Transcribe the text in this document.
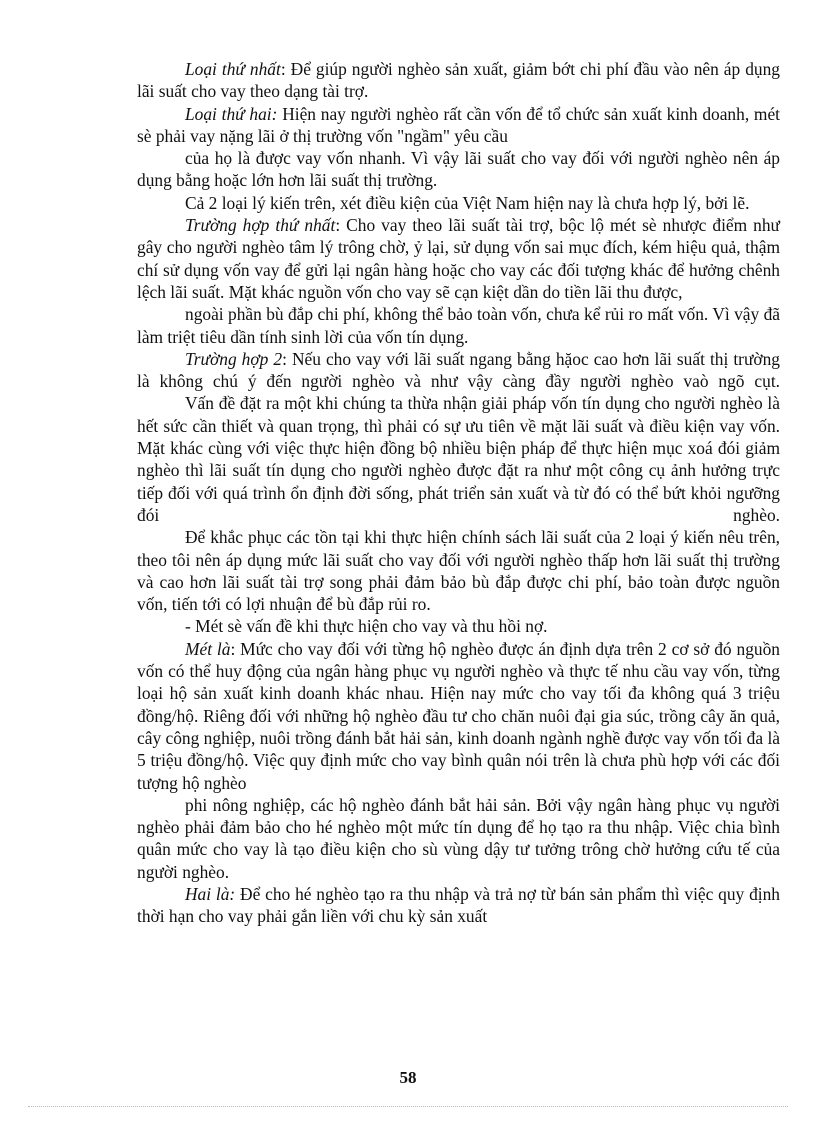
Loại thứ nhất: Để giúp người nghèo sản xuất, giảm bớt chi phí đầu vào nên áp dụng lãi suất cho vay theo dạng tài trợ.

Loại thứ hai: Hiện nay người nghèo rất cần vốn để tổ chức sản xuất kinh doanh, mét sè phải vay nặng lãi ở thị trường vốn "ngầm" yêu cầu

của họ là được vay vốn nhanh. Vì vậy lãi suất cho vay đối với người nghèo nên áp dụng bằng hoặc lớn hơn lãi suất thị trường.

Cả 2 loại lý kiến trên, xét điều kiện của Việt Nam hiện nay là chưa hợp lý, bởi lẽ.

Trường hợp thứ nhất: Cho vay theo lãi suất tài trợ, bộc lộ mét sè nhược điểm như gây cho người nghèo tâm lý trông chờ, ỷ lại, sử dụng vốn sai mục đích, kém hiệu quả, thậm chí sử dụng vốn vay để gửi lại ngân hàng hoặc cho vay các đối tượng khác để hưởng chênh lệch lãi suất. Mặt khác nguồn vốn cho vay sẽ cạn kiệt dần do tiền lãi thu được,

ngoài phần bù đắp chi phí, không thể bảo toàn vốn, chưa kể rủi ro mất vốn. Vì vậy đã làm triệt tiêu dần tính sinh lời của vốn tín dụng.

Trường hợp 2: Nếu cho vay với lãi suất ngang bằng hặoc cao hơn lãi suất thị trường là không chú ý đến người nghèo và như vậy càng đầy người nghèo vaò ngõ cụt.

Vấn đề đặt ra một khi chúng ta thừa nhận giải pháp vốn tín dụng cho người nghèo là hết sức cần thiết và quan trọng, thì phải có sự ưu tiên về mặt lãi suất và điều kiện vay vốn. Mặt khác cùng với việc thực hiện đồng bộ nhiều biện pháp để thực hiện mục xoá đói giảm nghèo thì lãi suất tín dụng cho người nghèo được đặt ra như một công cụ ảnh hưởng trực tiếp đối với quá trình ổn định đời sống, phát triển sản xuất và từ đó có thể bứt khỏi ngưỡng đói nghèo.

Để khắc phục các tồn tại khi thực hiện chính sách lãi suất của 2 loại ý kiến nêu trên, theo tôi nên áp dụng mức lãi suất cho vay đối với người nghèo thấp hơn lãi suất thị trường và cao hơn lãi suất tài trợ song phải đảm bảo bù đắp được chi phí, bảo toàn được nguồn vốn, tiến tới có lợi nhuận để bù đắp rủi ro.

- Mét sè vấn đề khi thực hiện cho vay và thu hồi nợ.

Mét là: Mức cho vay đối với từng hộ nghèo được án định dựa trên 2 cơ sở đó nguồn vốn có thể huy động của ngân hàng phục vụ người nghèo và thực tế nhu cầu vay vốn, từng loại hộ sản xuất kinh doanh khác nhau. Hiện nay mức cho vay tối đa không quá 3 triệu đồng/hộ. Riêng đối với những hộ nghèo đầu tư cho chăn nuôi đại gia súc, trồng cây ăn quả, cây công nghiệp, nuôi trồng đánh bắt hải sản, kinh doanh ngành nghề được vay vốn tối đa là 5 triệu đồng/hộ. Việc quy định mức cho vay bình quân nói trên là chưa phù hợp với các đối tượng hộ nghèo

phi nông nghiệp, các hộ nghèo đánh bắt hải sản. Bởi vậy ngân hàng phục vụ người nghèo phải đảm bảo cho hé nghèo một mức tín dụng để họ tạo ra thu nhập. Việc chia bình quân mức cho vay là tạo điều kiện cho sù vùng dậy tư tưởng trông chờ hưởng cứu tế của người nghèo.

Hai là: Để cho hé nghèo tạo ra thu nhập và trả nợ từ bán sản phẩm thì việc quy định thời hạn cho vay phải gắn liền với chu kỳ sản xuất

58
